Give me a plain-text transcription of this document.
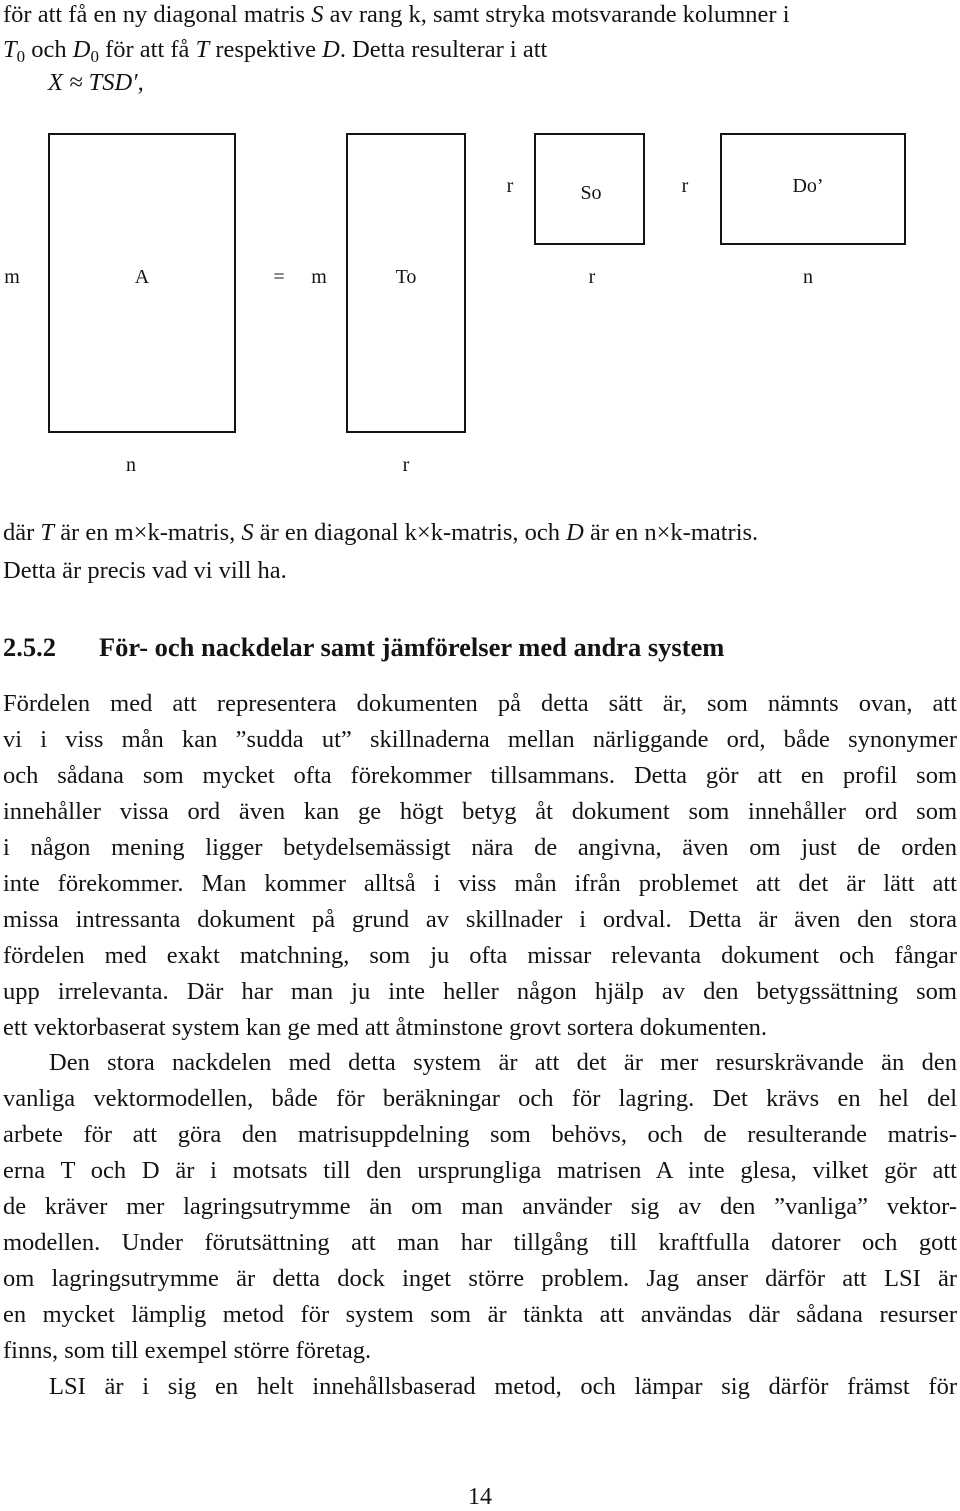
för att få en ny diagonal matris S av rang k, samt stryka motsvarande kolumner i
$T_0$ och $D_0$ för att få T respektive D. Detta resulterar i att
X ≈ TSD′,
m	A	= m	To	r	n
r	So	r	Do’
n	r
där T är en m×k-matris, S är en diagonal k×k-matris, och D är en n×k-matris.
Detta är precis vad vi vill ha.
2.5.2 För- och nackdelar samt jämförelser med andra system
Fördelen med att representera dokumenten på detta sätt är, som nämnts ovan, att
vi i viss mån kan ”sudda ut” skillnaderna mellan närliggande ord, både synonymer
och sådana som mycket ofta förekommer tillsammans. Detta gör att en profil som
innehåller vissa ord även kan ge högt betyg åt dokument som innehåller ord som
i någon mening ligger betydelsemässigt nära de angivna, även om just de orden
inte förekommer. Man kommer alltså i viss mån ifrån problemet att det är lätt att
missa intressanta dokument på grund av skillnader i ordval. Detta är även den stora
fördelen med exakt matchning, som ju ofta missar relevanta dokument och fångar
upp irrelevanta. Där har man ju inte heller någon hjälp av den betygssättning som
ett vektorbaserat system kan ge med att åtminstone grovt sortera dokumenten.
Den stora nackdelen med detta system är att det är mer resurskrävande än den
vanliga vektormodellen, både för beräkningar och för lagring. Det krävs en hel del
arbete för att göra den matrisuppdelning som behövs, och de resulterande matris-
erna T och D är i motsats till den ursprungliga matrisen A inte glesa, vilket gör att
de kräver mer lagringsutrymme än om man använder sig av den ”vanliga” vektor-
modellen. Under förutsättning att man har tillgång till kraftfulla datorer och gott
om lagringsutrymme är detta dock inget större problem. Jag anser därför att LSI är
en mycket lämplig metod för system som är tänkta att användas där sådana resurser
finns, som till exempel större företag.
LSI är i sig en helt innehållsbaserad metod, och lämpar sig därför främst för
14
